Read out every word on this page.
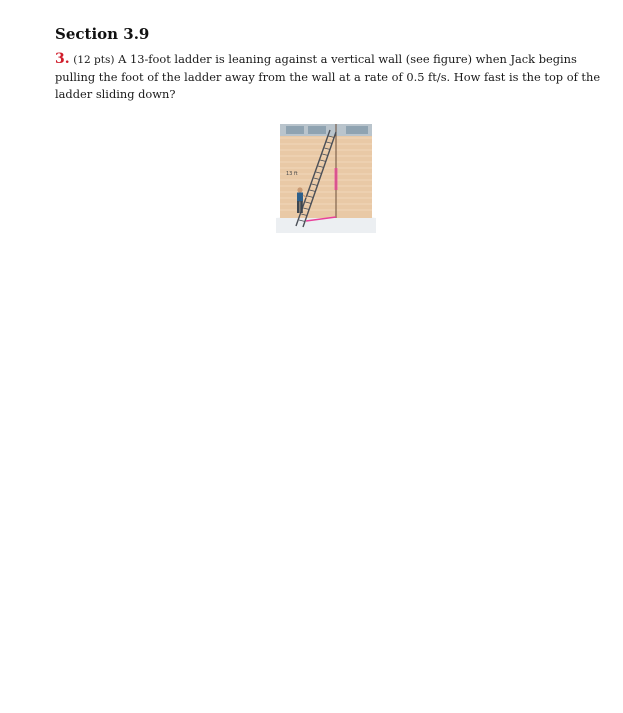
Section 3.9
3. (12 pts) A 13-foot ladder is leaning against a vertical wall (see figure) when Jack begins pulling the foot of the ladder away from the wall at a rate of 0.5 ft/s. How fast is the top of the ladder sliding down?
13 ft
